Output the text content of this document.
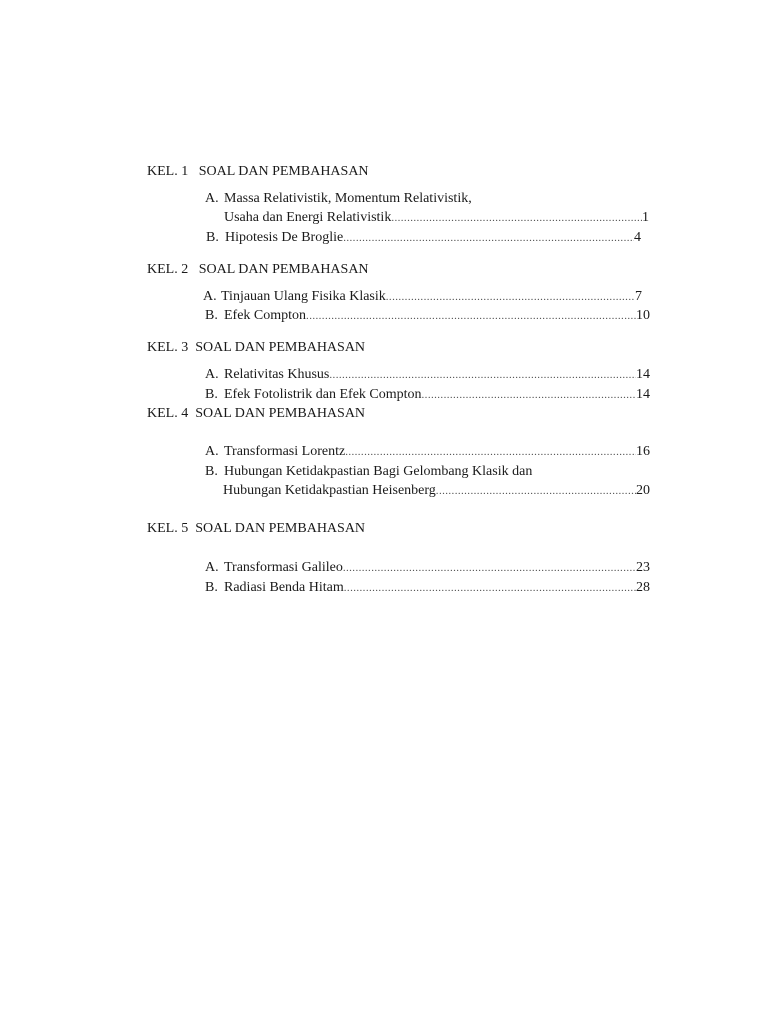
KEL. 1   SOAL DAN PEMBAHASAN
A. Massa Relativistik, Momentum Relativistik,
Usaha dan Energi Relativistik .....	1
B. Hipotesis De Broglie .....	4
KEL. 2   SOAL DAN PEMBAHASAN
A. Tinjauan Ulang Fisika Klasik .....	7
B. Efek Compton .....	10
KEL. 3  SOAL DAN PEMBAHASAN
A. Relativitas Khusus .....	14
B. Efek Fotolistrik dan Efek Compton .....	14
KEL. 4  SOAL DAN PEMBAHASAN
A. Transformasi Lorentz .....	16
B. Hubungan Ketidakpastian Bagi Gelombang Klasik dan
Hubungan Ketidakpastian Heisenberg .....	20
KEL. 5  SOAL DAN PEMBAHASAN
A. Transformasi Galileo .....	23
B. Radiasi Benda Hitam .....	28
